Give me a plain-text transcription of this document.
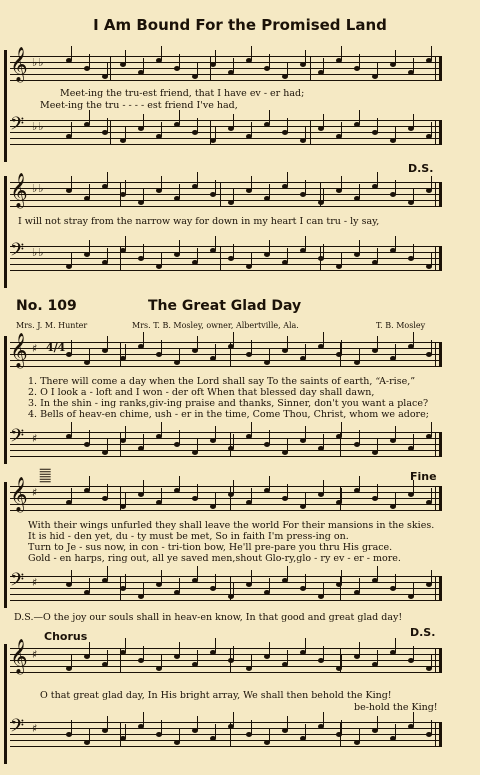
I Am Bound For the Promised Land
𝄞 ♭♭
Meet-ing the tru-est friend, that I have ev - er had;
Meet-ing the tru - - - - est friend I've had,
𝄢 ♭♭
D.S.
𝄞 ♭♭
I will not stray from the narrow way for down in my heart I can tru - ly say,
𝄢 ♭♭
No. 109	The Great Glad Day
Mrs. J. M. Hunter	Mrs. T. B. Mosley, owner, Albertville, Ala.	T. B. Mosley
𝄞 ♯ 4/4
1. There will come a day when the Lord shall say To the saints of earth, “A-rise,”
2. O I look a - loft and I won - der oft When that blessed day shall dawn,
3. In the shin - ing ranks,giv-ing praise and thanks, Sinner, don't you want a place?
4. Bells of heav-en chime, ush - er in the time, Come Thou, Christ, whom we adore;
𝄢 ♯
𝄛	Fine
𝄞 ♯
With their wings unfurled they shall leave the world For their mansions in the skies.
It is hid - den yet, du - ty must be met, So in faith I'm press-ing on.
Turn to Je - sus now, in con - tri-tion bow, He'll pre-pare you thru His grace.
Gold - en harps, ring out, all ye saved men,shout Glo-ry,glo - ry ev - er - more.
𝄢 ♯
D.S.—O the joy our souls shall in heav-en know, In that good and great glad day!
Chorus	D.S.
𝄞 ♯
O that great glad day, In His bright array, We shall then behold the King!
be-hold the King!
𝄢 ♯
